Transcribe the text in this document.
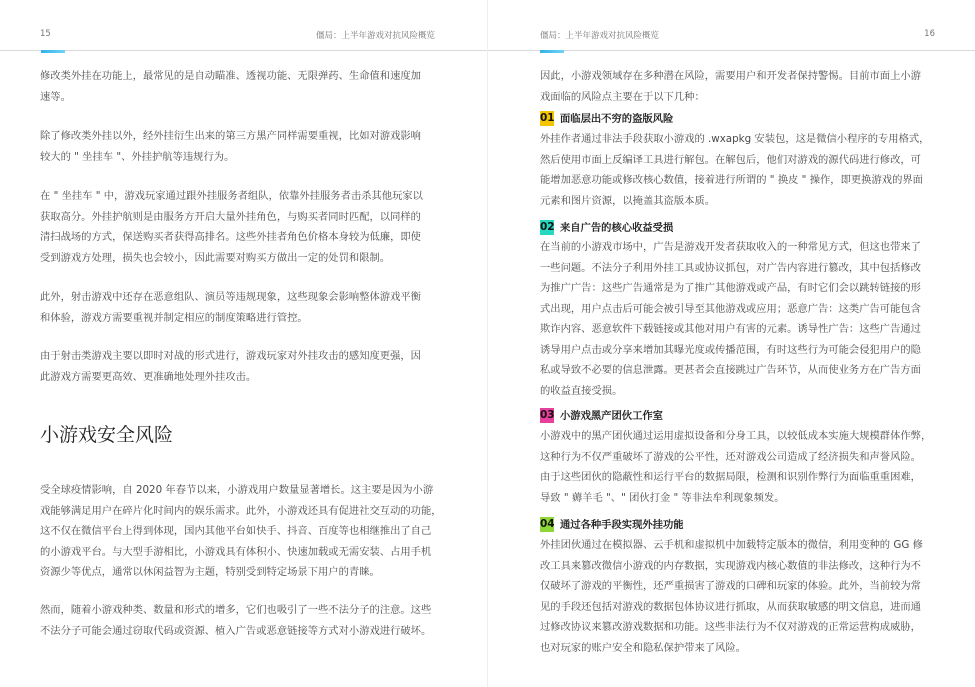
15	僵局：上半年游戏对抗风险概览

修改类外挂在功能上，最常见的是自动瞄准、透视功能、无限弹药、生命值和速度加
速等。

除了修改类外挂以外，经外挂衍生出来的第三方黑产同样需要重视，比如对游戏影响
较大的 " 坐挂车 "、外挂护航等违规行为。

在 " 坐挂车 " 中，游戏玩家通过跟外挂服务者组队，依靠外挂服务者击杀其他玩家以
获取高分。外挂护航则是由服务方开启大量外挂角色，与购买者同时匹配，以同样的
清扫战场的方式，保送购买者获得高排名。这些外挂者角色价格本身较为低廉，即使
受到游戏方处理，损失也会较小，因此需要对购买方做出一定的处罚和限制。

此外，射击游戏中还存在恶意组队、演员等违规现象，这些现象会影响整体游戏平衡
和体验，游戏方需要重视并制定相应的制度策略进行管控。

由于射击类游戏主要以即时对战的形式进行，游戏玩家对外挂攻击的感知度更强，因
此游戏方需要更高效、更准确地处理外挂攻击。

小游戏安全风险

受全球疫情影响，自 2020 年春节以来，小游戏用户数量显著增长。这主要是因为小游
戏能够满足用户在碎片化时间内的娱乐需求。此外，小游戏还具有促进社交互动的功能，
这不仅在微信平台上得到体现，国内其他平台如快手、抖音、百度等也相继推出了自己
的小游戏平台。与大型手游相比，小游戏具有体积小、快速加载或无需安装、占用手机
资源少等优点，通常以休闲益智为主题，特别受到特定场景下用户的青睐。

然而，随着小游戏种类、数量和形式的增多，它们也吸引了一些不法分子的注意。这些
不法分子可能会通过窃取代码或资源、植入广告或恶意链接等方式对小游戏进行破坏。

僵局：上半年游戏对抗风险概览	16

因此，小游戏领域存在多种潜在风险，需要用户和开发者保持警惕。目前市面上小游
戏面临的风险点主要在于以下几种：

01 面临层出不穷的盗版风险

外挂作者通过非法手段获取小游戏的 .wxapkg 安装包，这是微信小程序的专用格式，
然后使用市面上反编译工具进行解包。在解包后，他们对游戏的源代码进行修改，可
能增加恶意功能或修改核心数值，接着进行所谓的 " 换皮 " 操作，即更换游戏的界面
元素和图片资源，以掩盖其盗版本质。

02 来自广告的核心收益受损

在当前的小游戏市场中，广告是游戏开发者获取收入的一种常见方式，但这也带来了
一些问题。不法分子利用外挂工具或协议抓包，对广告内容进行篡改，其中包括修改
为推广广告：这些广告通常是为了推广其他游戏或产品，有时它们会以跳转链接的形
式出现，用户点击后可能会被引导至其他游戏或应用；恶意广告：这类广告可能包含
欺诈内容、恶意软件下载链接或其他对用户有害的元素。诱导性广告：这些广告通过
诱导用户点击或分享来增加其曝光度或传播范围，有时这些行为可能会侵犯用户的隐
私或导致不必要的信息泄露。更甚者会直接跳过广告环节，从而使业务方在广告方面
的收益直接受损。

03 小游戏黑产团伙工作室

小游戏中的黑产团伙通过运用虚拟设备和分身工具，以较低成本实施大规模群体作弊，
这种行为不仅严重破坏了游戏的公平性，还对游戏公司造成了经济损失和声誉风险。
由于这些团伙的隐蔽性和运行平台的数据局限，检测和识别作弊行为面临重重困难，
导致 " 薅羊毛 "、" 团伙打金 " 等非法牟利现象频发。

04 通过各种手段实现外挂功能

外挂团伙通过在模拟器、云手机和虚拟机中加载特定版本的微信，利用变种的 GG 修
改工具来篡改微信小游戏的内存数据，实现游戏内核心数值的非法修改，这种行为不
仅破坏了游戏的平衡性，还严重损害了游戏的口碑和玩家的体验。此外，当前较为常
见的手段还包括对游戏的数据包体协议进行抓取，从而获取敏感的明文信息，进而通
过修改协议来篡改游戏数据和功能。这些非法行为不仅对游戏的正常运营构成威胁，
也对玩家的账户安全和隐私保护带来了风险。
